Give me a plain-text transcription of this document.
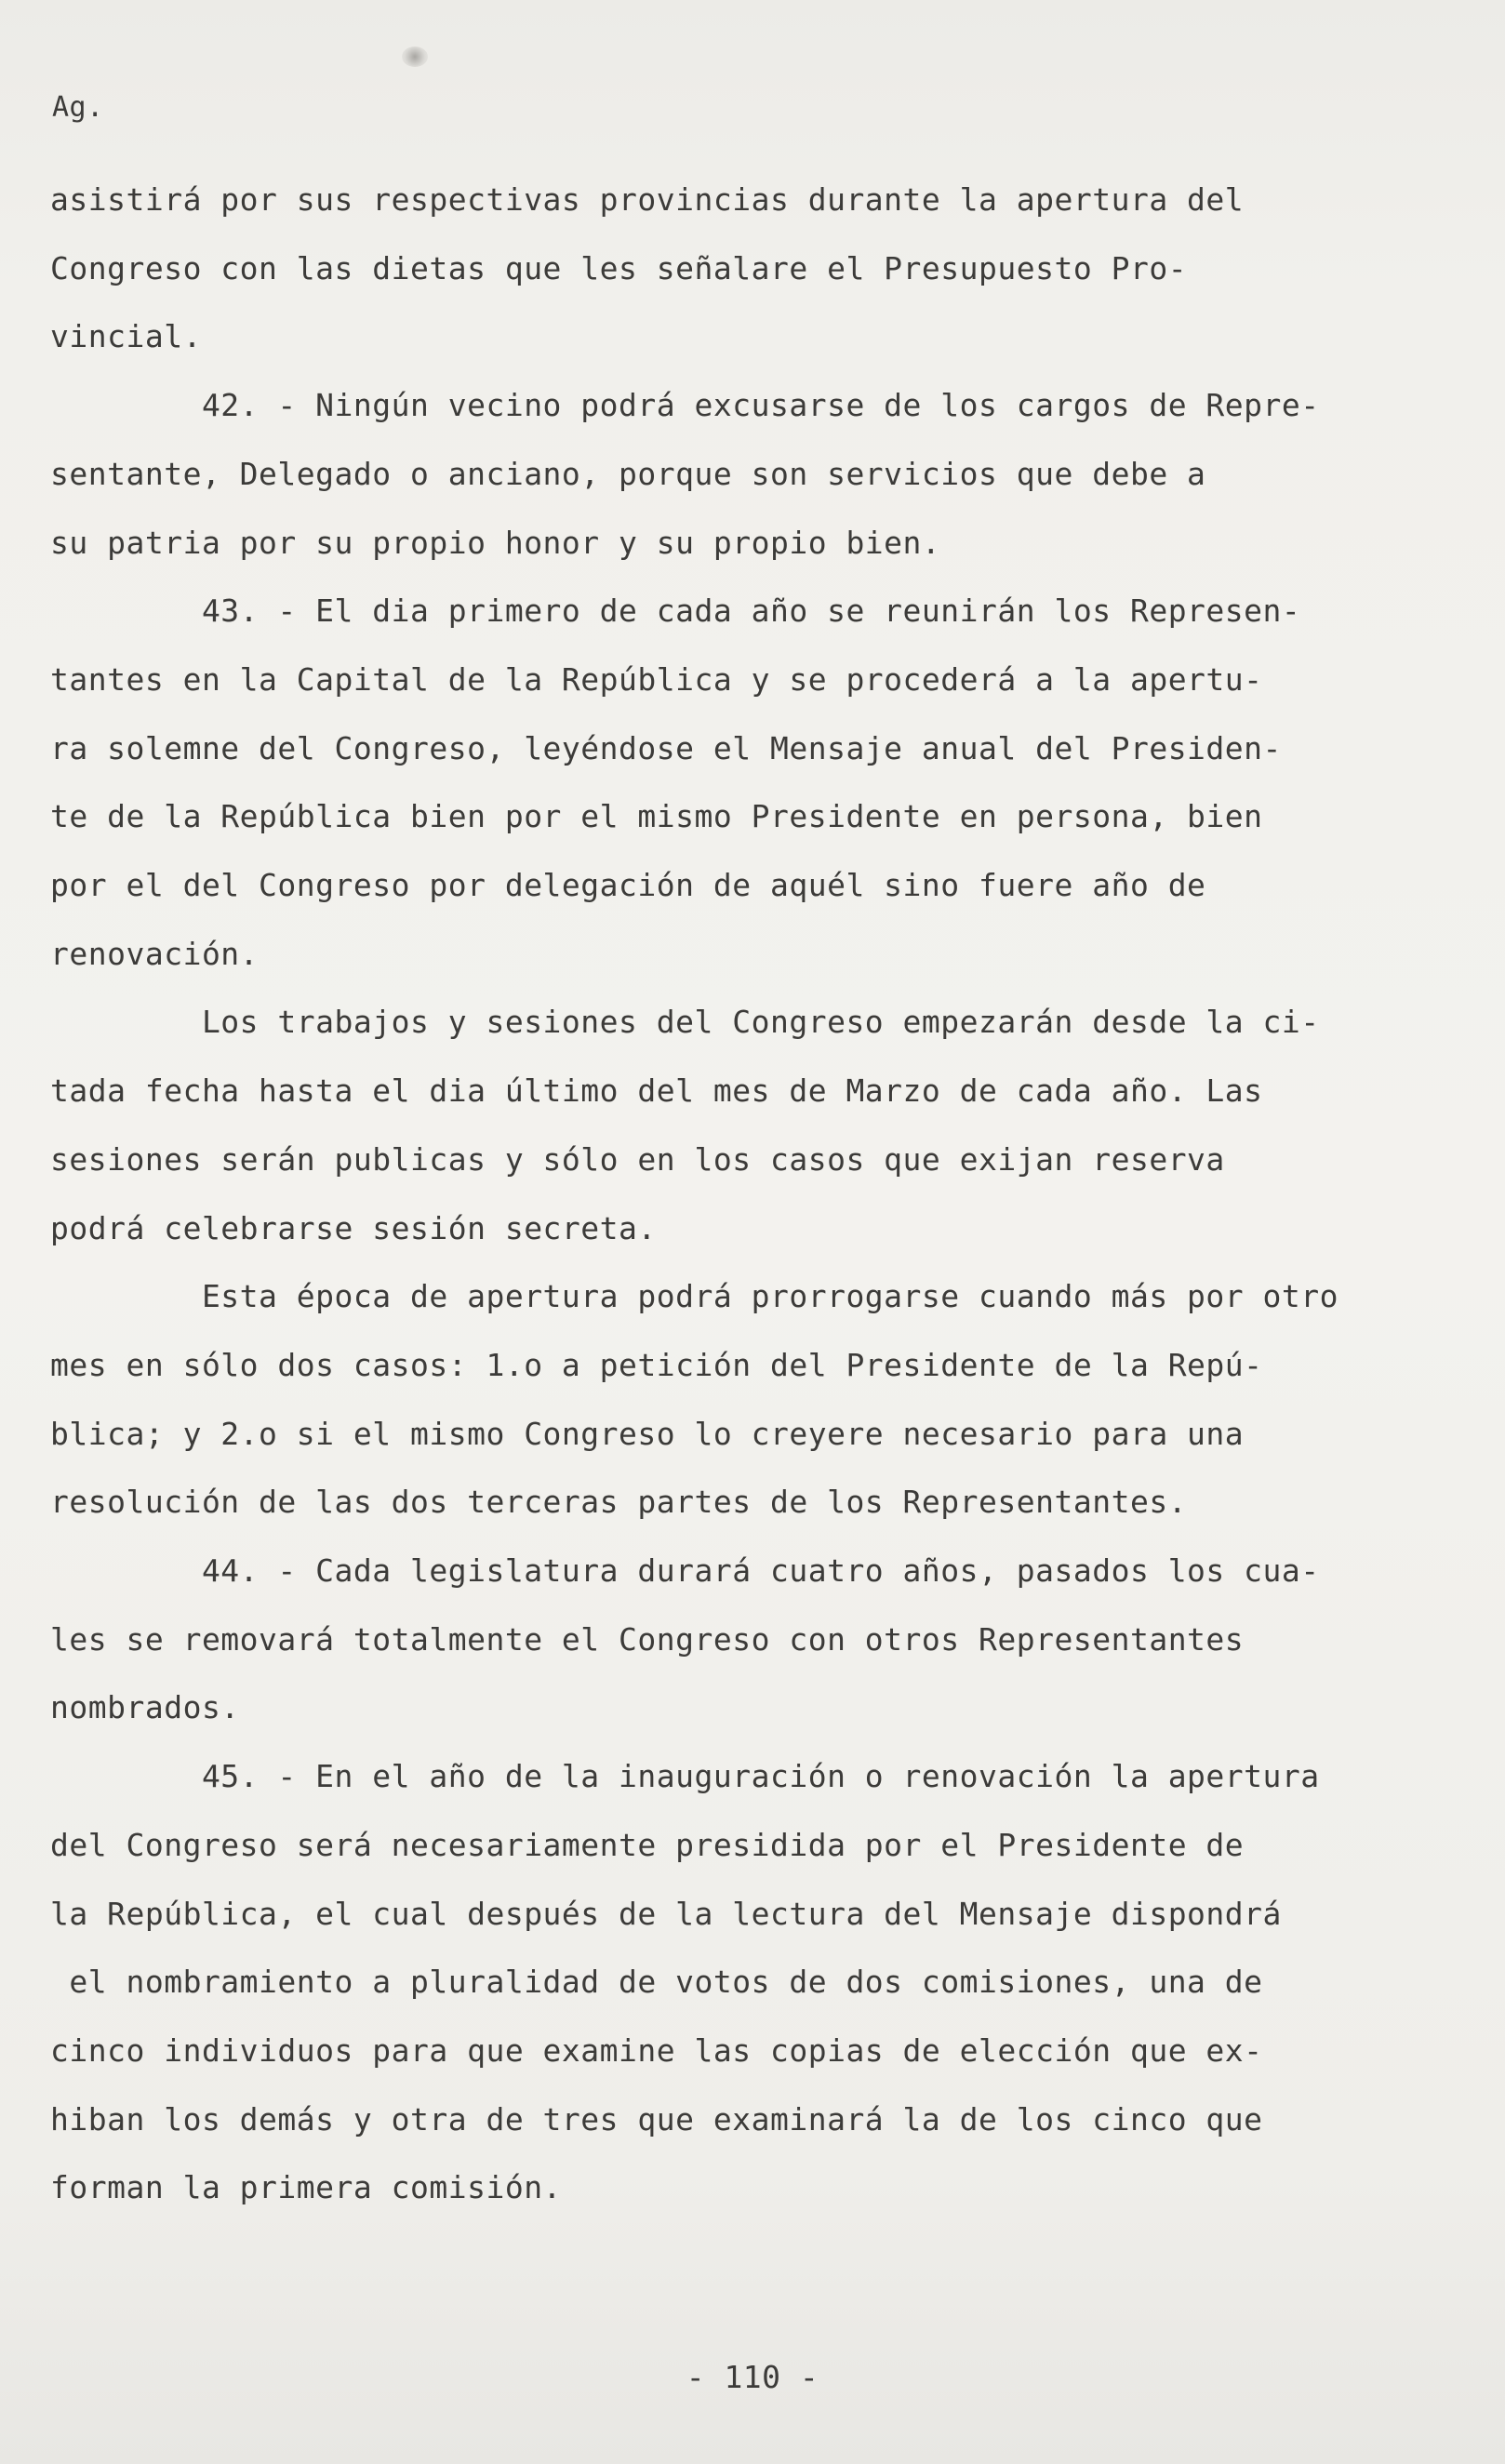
Ag.
asistirá por sus respectivas provincias durante la apertura del
Congreso con las dietas que les señalare el Presupuesto Pro-
vincial.
42. - Ningún vecino podrá excusarse de los cargos de Repre-
sentante, Delegado o anciano, porque son servicios que debe a
su patria por su propio honor y su propio bien.
43. - El dia primero de cada año se reunirán los Represen-
tantes en la Capital de la República y se procederá a la apertu-
ra solemne del Congreso, leyéndose el Mensaje anual del Presiden-
te de la República bien por el mismo Presidente en persona, bien
por el del Congreso por delegación de aquél sino fuere año de
renovación.
Los trabajos y sesiones del Congreso empezarán desde la ci-
tada fecha hasta el dia último del mes de Marzo de cada año. Las
sesiones serán publicas y sólo en los casos que exijan reserva
podrá celebrarse sesión secreta.
Esta época de apertura podrá prorrogarse cuando más por otro
mes en sólo dos casos: 1.o a petición del Presidente de la Repú-
blica; y 2.o si el mismo Congreso lo creyere necesario para una
resolución de las dos terceras partes de los Representantes.
44. - Cada legislatura durará cuatro años, pasados los cua-
les se removará totalmente el Congreso con otros Representantes
nombrados.
45. - En el año de la inauguración o renovación la apertura
del Congreso será necesariamente presidida por el Presidente de
la República, el cual después de la lectura del Mensaje dispondrá
el nombramiento a pluralidad de votos de dos comisiones, una de
cinco individuos para que examine las copias de elección que ex-
hiban los demás y otra de tres que examinará la de los cinco que
forman la primera comisión.
- 110 -
